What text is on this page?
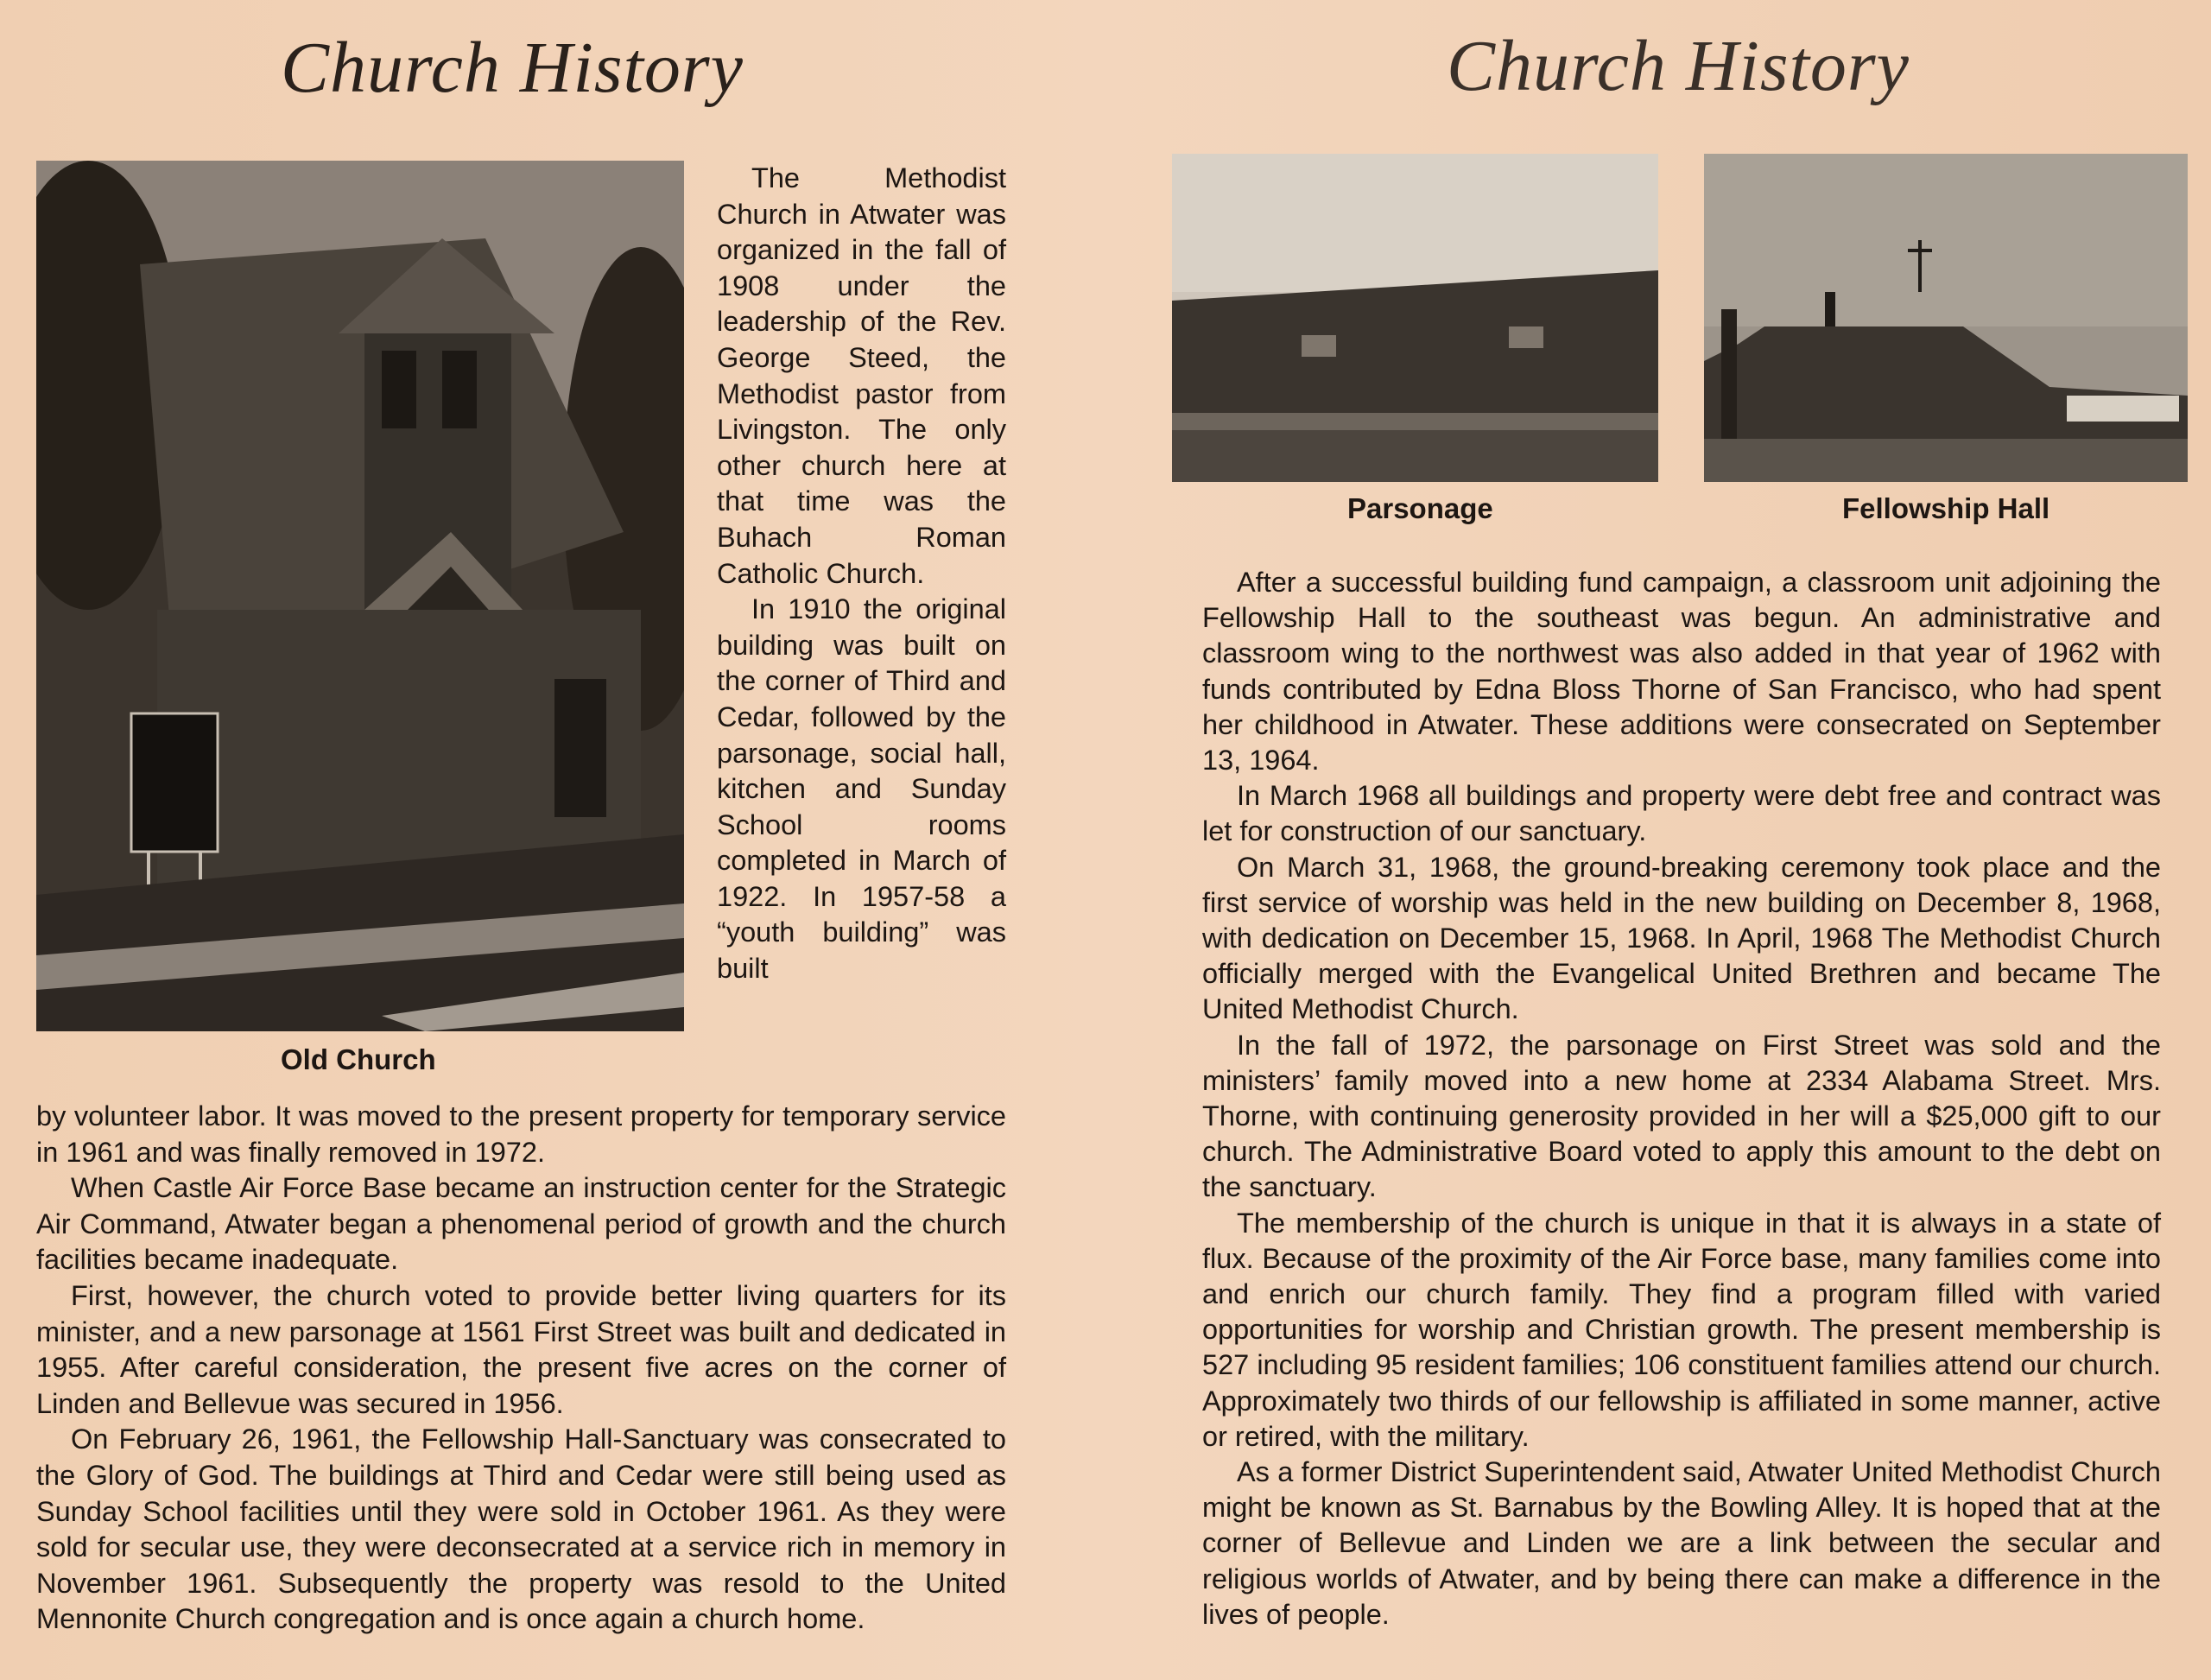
Church History
Old Church

The Methodist Church in Atwater was organized in the fall of 1908 under the leadership of the Rev. George Steed, the Methodist pastor from Livingston. The only other church here at that time was the Buhach Roman Catholic Church.

In 1910 the original building was built on the corner of Third and Cedar, followed by the parsonage, social hall, kitchen and Sunday School rooms completed in March of 1922. In 1957-58 a “youth building” was built

by volunteer labor. It was moved to the present property for temporary service in 1961 and was finally removed in 1972.

When Castle Air Force Base became an instruction center for the Strategic Air Command, Atwater began a phenomenal period of growth and the church facilities became inadequate.

First, however, the church voted to provide better living quarters for its minister, and a new parsonage at 1561 First Street was built and dedicated in 1955. After careful consideration, the present five acres on the corner of Linden and Bellevue was secured in 1956.

On February 26, 1961, the Fellowship Hall-Sanctuary was consecrated to the Glory of God. The buildings at Third and Cedar were still being used as Sunday School facilities until they were sold in October 1961. As they were sold for secular use, they were deconsecrated at a service rich in memory in November 1961. Subsequently the property was resold to the United Mennonite Church congregation and is once again a church home.

Church History
Parsonage	Fellowship Hall

After a successful building fund campaign, a classroom unit adjoining the Fellowship Hall to the southeast was begun. An administrative and classroom wing to the northwest was also added in that year of 1962 with funds contributed by Edna Bloss Thorne of San Francisco, who had spent her childhood in Atwater. These additions were consecrated on September 13, 1964.

In March 1968 all buildings and property were debt free and contract was let for construction of our sanctuary.

On March 31, 1968, the ground-breaking ceremony took place and the first service of worship was held in the new building on December 8, 1968, with dedication on December 15, 1968. In April, 1968 The Methodist Church officially merged with the Evangelical United Brethren and became The United Methodist Church.

In the fall of 1972, the parsonage on First Street was sold and the ministers’ family moved into a new home at 2334 Alabama Street. Mrs. Thorne, with continuing generosity provided in her will a $25,000 gift to our church. The Administrative Board voted to apply this amount to the debt on the sanctuary.

The membership of the church is unique in that it is always in a state of flux. Because of the proximity of the Air Force base, many families come into and enrich our church family. They find a program filled with varied opportunities for worship and Christian growth. The present membership is 527 including 95 resident families; 106 constituent families attend our church. Approximately two thirds of our fellowship is affiliated in some manner, active or retired, with the military.

As a former District Superintendent said, Atwater United Methodist Church might be known as St. Barnabus by the Bowling Alley. It is hoped that at the corner of Bellevue and Linden we are a link between the secular and religious worlds of Atwater, and by being there can make a difference in the lives of people.
